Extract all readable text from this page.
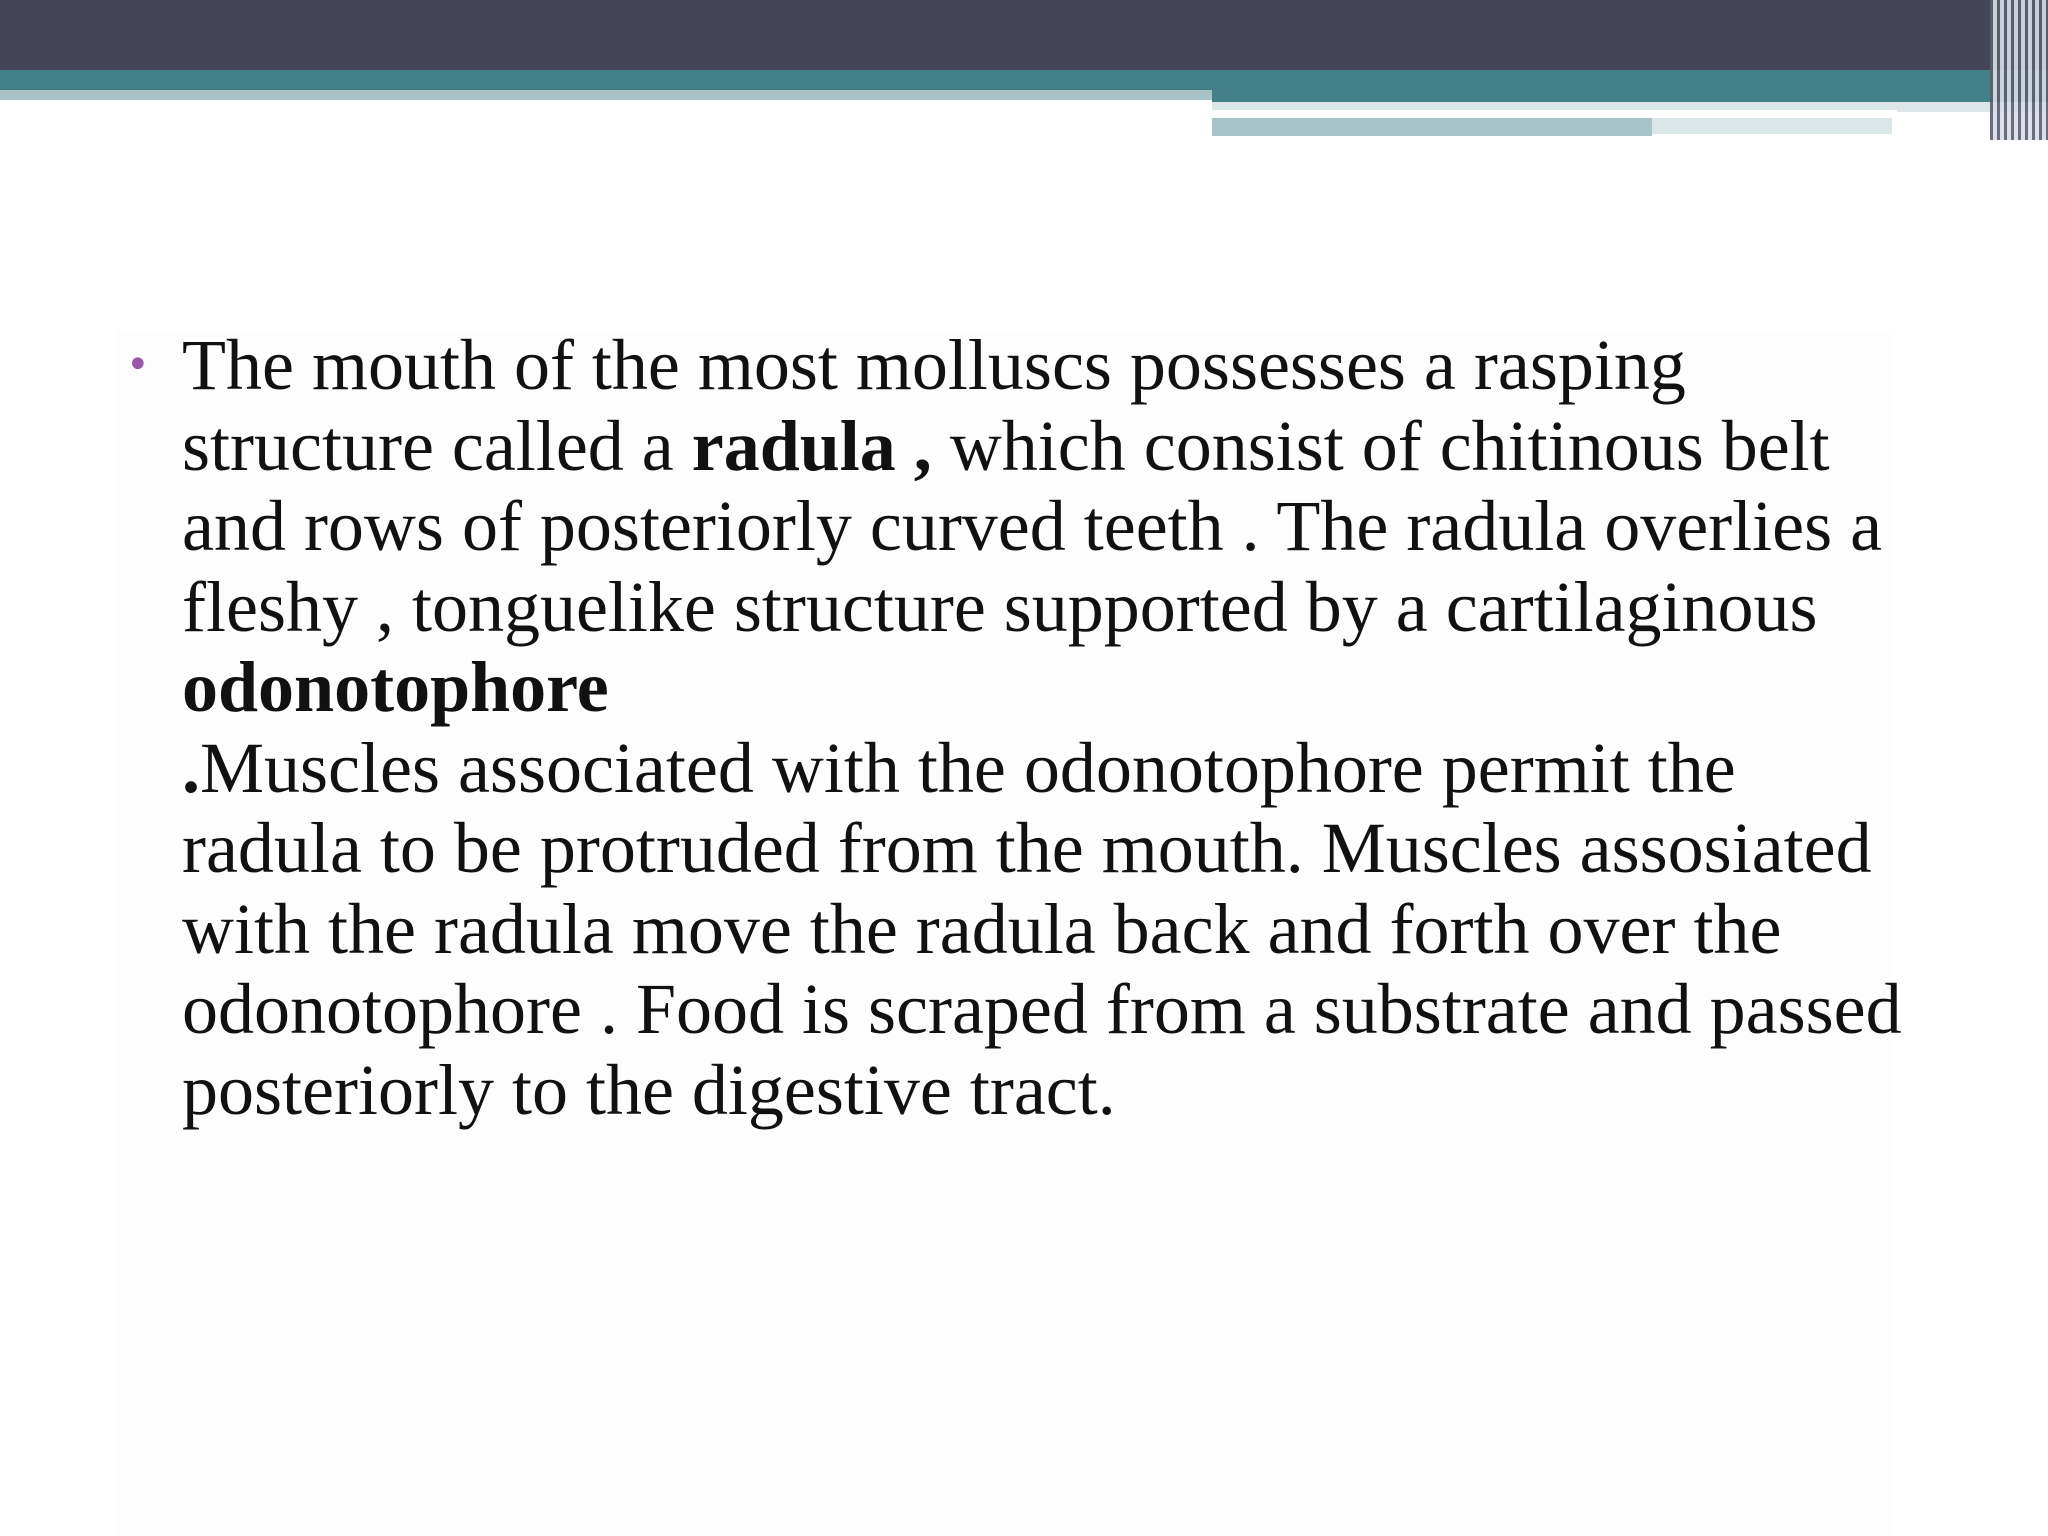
• The mouth of the most molluscs possesses a rasping structure called a radula , which consist of chitinous belt and rows of posteriorly curved teeth . The radula overlies a fleshy , tonguelike structure supported by a cartilaginous odonotophore
.Muscles associated with the odonotophore permit the radula to be protruded from the mouth. Muscles assosiated with the radula move the radula back and forth over the odonotophore . Food is scraped from a substrate and passed posteriorly to the digestive tract.
